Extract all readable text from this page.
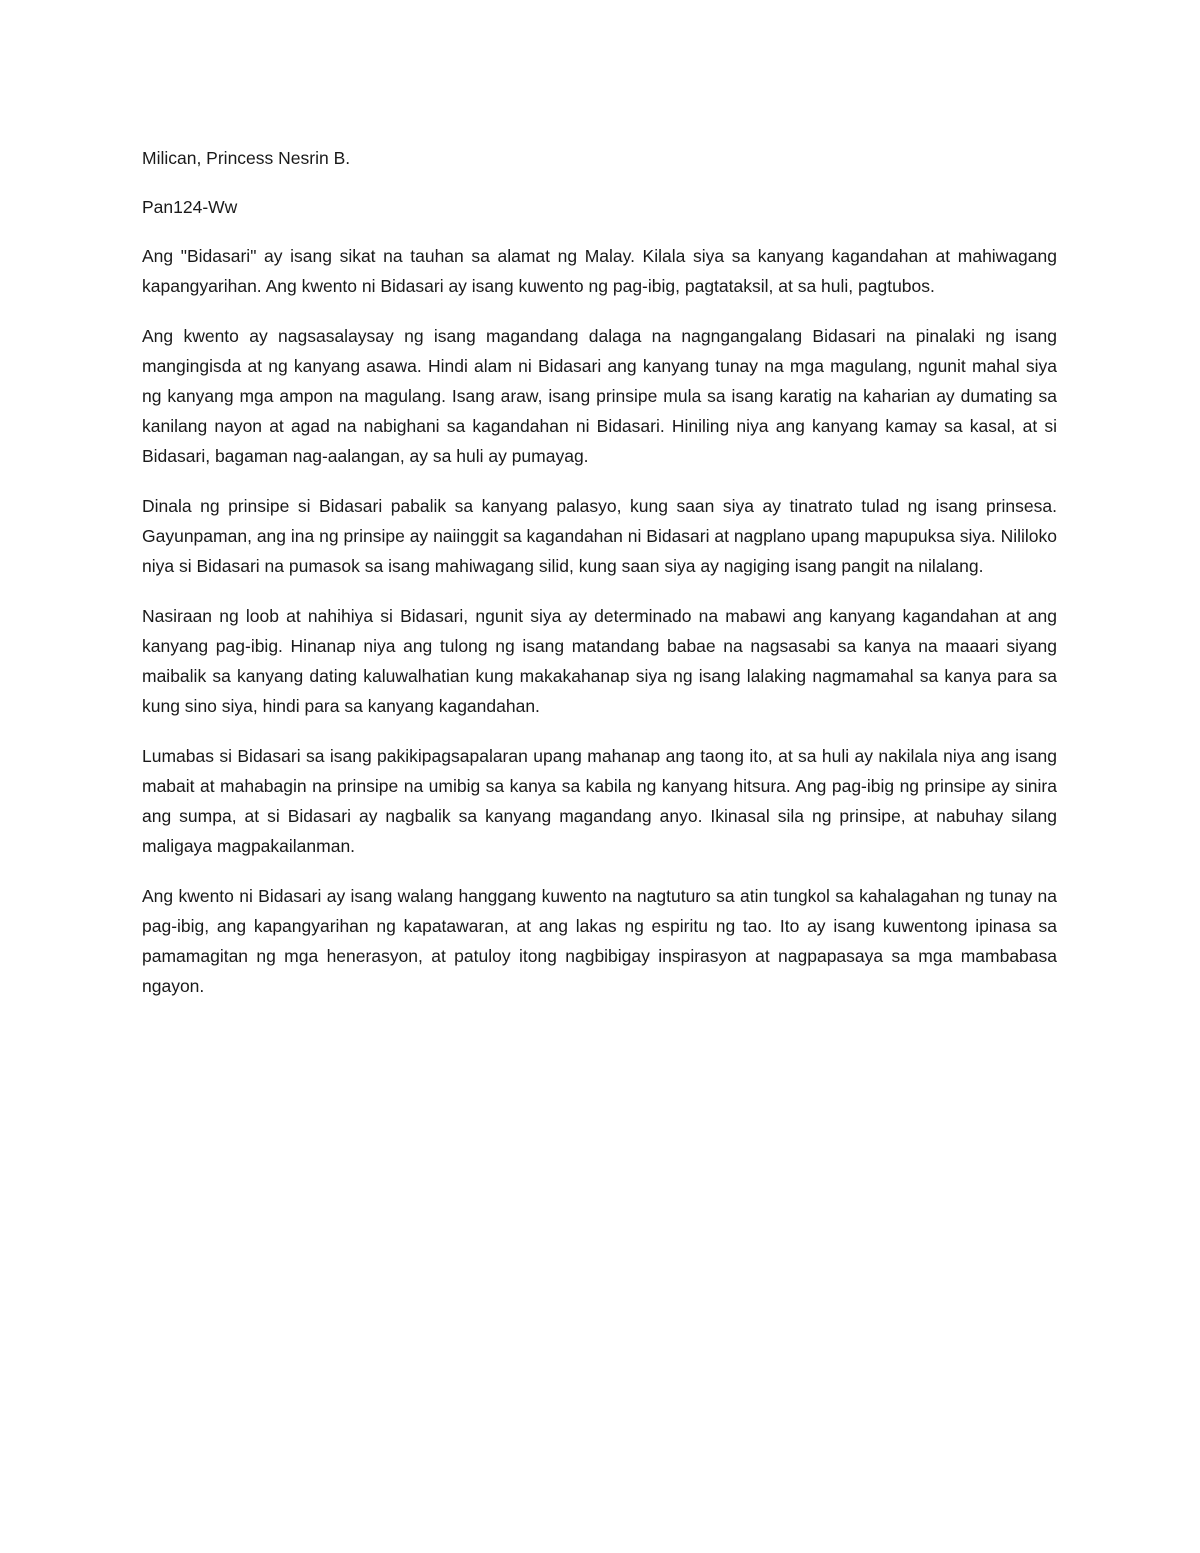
Milican, Princess Nesrin B.

Pan124-Ww

Ang "Bidasari" ay isang sikat na tauhan sa alamat ng Malay. Kilala siya sa kanyang kagandahan at mahiwagang kapangyarihan. Ang kwento ni Bidasari ay isang kuwento ng pag-ibig, pagtataksil, at sa huli, pagtubos.

Ang kwento ay nagsasalaysay ng isang magandang dalaga na nagngangalang Bidasari na pinalaki ng isang mangingisda at ng kanyang asawa. Hindi alam ni Bidasari ang kanyang tunay na mga magulang, ngunit mahal siya ng kanyang mga ampon na magulang. Isang araw, isang prinsipe mula sa isang karatig na kaharian ay dumating sa kanilang nayon at agad na nabighani sa kagandahan ni Bidasari. Hiniling niya ang kanyang kamay sa kasal, at si Bidasari, bagaman nag-aalangan, ay sa huli ay pumayag.

Dinala ng prinsipe si Bidasari pabalik sa kanyang palasyo, kung saan siya ay tinatrato tulad ng isang prinsesa. Gayunpaman, ang ina ng prinsipe ay naiinggit sa kagandahan ni Bidasari at nagplano upang mapupuksa siya. Nililoko niya si Bidasari na pumasok sa isang mahiwagang silid, kung saan siya ay nagiging isang pangit na nilalang.

Nasiraan ng loob at nahihiya si Bidasari, ngunit siya ay determinado na mabawi ang kanyang kagandahan at ang kanyang pag-ibig. Hinanap niya ang tulong ng isang matandang babae na nagsasabi sa kanya na maaari siyang maibalik sa kanyang dating kaluwalhatian kung makakahanap siya ng isang lalaking nagmamahal sa kanya para sa kung sino siya, hindi para sa kanyang kagandahan.

Lumabas si Bidasari sa isang pakikipagsapalaran upang mahanap ang taong ito, at sa huli ay nakilala niya ang isang mabait at mahabagin na prinsipe na umibig sa kanya sa kabila ng kanyang hitsura. Ang pag-ibig ng prinsipe ay sinira ang sumpa, at si Bidasari ay nagbalik sa kanyang magandang anyo. Ikinasal sila ng prinsipe, at nabuhay silang maligaya magpakailanman.

Ang kwento ni Bidasari ay isang walang hanggang kuwento na nagtuturo sa atin tungkol sa kahalagahan ng tunay na pag-ibig, ang kapangyarihan ng kapatawaran, at ang lakas ng espiritu ng tao. Ito ay isang kuwentong ipinasa sa pamamagitan ng mga henerasyon, at patuloy itong nagbibigay inspirasyon at nagpapasaya sa mga mambabasa ngayon.
